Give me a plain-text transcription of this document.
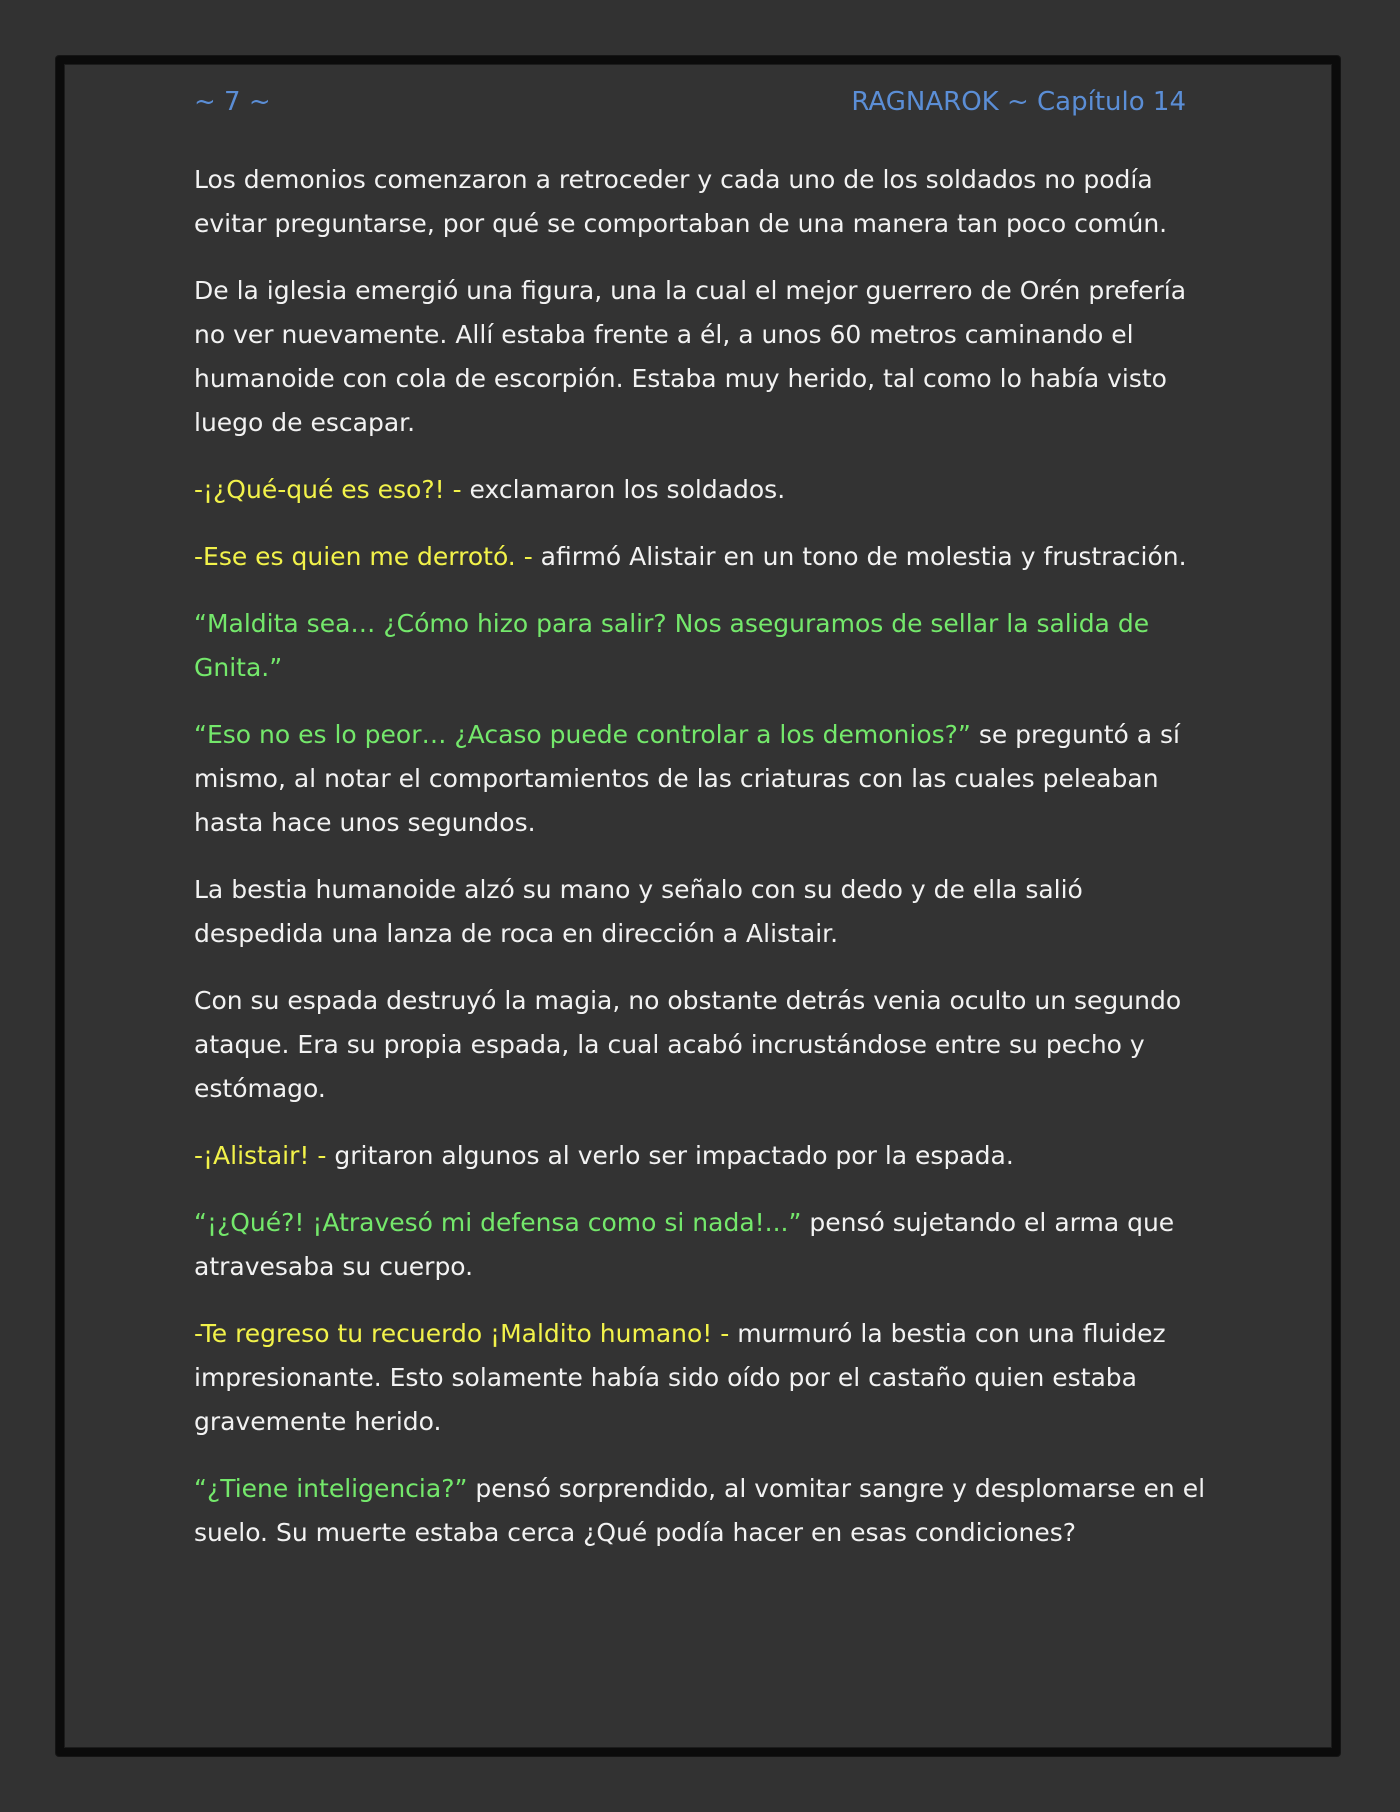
~ 7 ~	RAGNAROK ~ Capítulo 14

Los demonios comenzaron a retroceder y cada uno de los soldados no podía evitar preguntarse, por qué se comportaban de una manera tan poco común.

De la iglesia emergió una figura, una la cual el mejor guerrero de Orén prefería no ver nuevamente. Allí estaba frente a él, a unos 60 metros caminando el humanoide con cola de escorpión. Estaba muy herido, tal como lo había visto luego de escapar.

-¡¿Qué-qué es eso?! - exclamaron los soldados.

-Ese es quien me derrotó. - afirmó Alistair en un tono de molestia y frustración.

“Maldita sea… ¿Cómo hizo para salir? Nos aseguramos de sellar la salida de Gnita.”

“Eso no es lo peor… ¿Acaso puede controlar a los demonios?” se preguntó a sí mismo, al notar el comportamientos de las criaturas con las cuales peleaban hasta hace unos segundos.

La bestia humanoide alzó su mano y señalo con su dedo y de ella salió despedida una lanza de roca en dirección a Alistair.

Con su espada destruyó la magia, no obstante detrás venia oculto un segundo ataque. Era su propia espada, la cual acabó incrustándose entre su pecho y estómago.

-¡Alistair! - gritaron algunos al verlo ser impactado por la espada.

“¡¿Qué?! ¡Atravesó mi defensa como si nada!...” pensó sujetando el arma que atravesaba su cuerpo.

-Te regreso tu recuerdo ¡Maldito humano! - murmuró la bestia con una fluidez impresionante. Esto solamente había sido oído por el castaño quien estaba gravemente herido.

“¿Tiene inteligencia?” pensó sorprendido, al vomitar sangre y desplomarse en el suelo. Su muerte estaba cerca ¿Qué podía hacer en esas condiciones?
